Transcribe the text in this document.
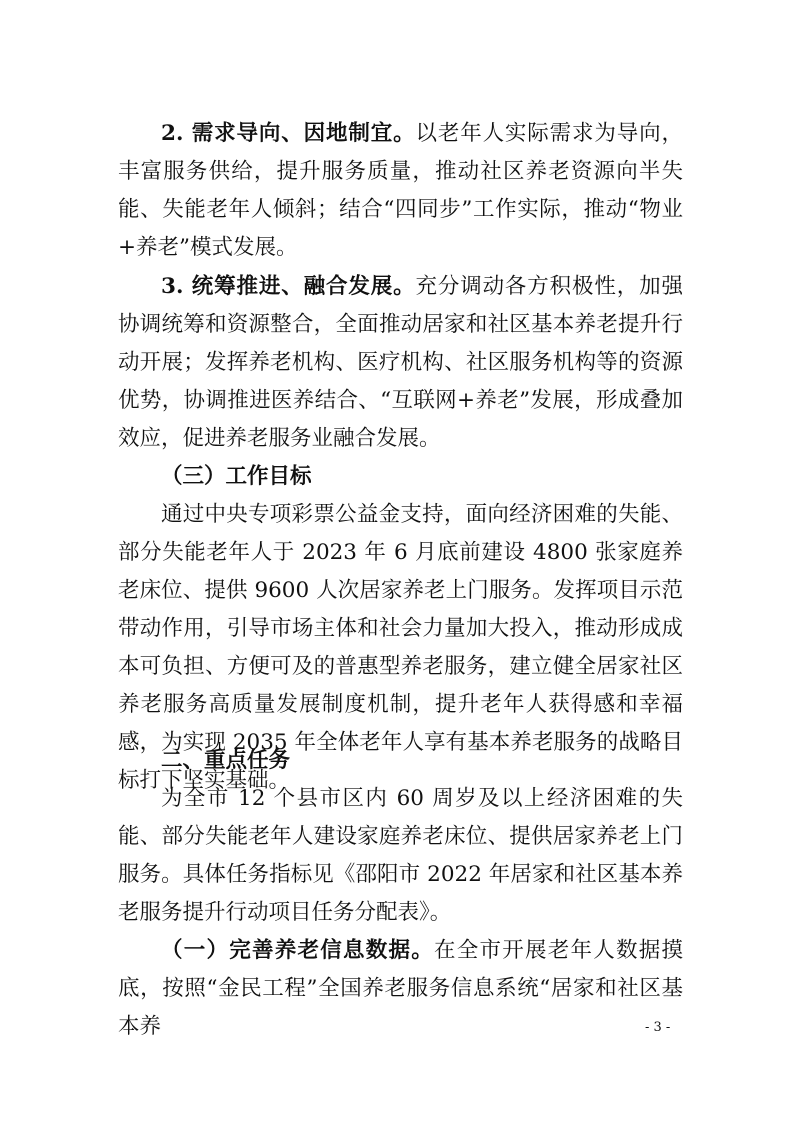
2. 需求导向、因地制宜。以老年人实际需求为导向，丰富服务供给，提升服务质量，推动社区养老资源向半失能、失能老年人倾斜；结合“四同步”工作实际，推动“物业+养老”模式发展。

3. 统筹推进、融合发展。充分调动各方积极性，加强协调统筹和资源整合，全面推动居家和社区基本养老提升行动开展；发挥养老机构、医疗机构、社区服务机构等的资源优势，协调推进医养结合、“互联网+养老”发展，形成叠加效应，促进养老服务业融合发展。

（三）工作目标

通过中央专项彩票公益金支持，面向经济困难的失能、部分失能老年人于 2023 年 6 月底前建设 4800 张家庭养老床位、提供 9600 人次居家养老上门服务。发挥项目示范带动作用，引导市场主体和社会力量加大投入，推动形成成本可负担、方便可及的普惠型养老服务，建立健全居家社区养老服务高质量发展制度机制，提升老年人获得感和幸福感，为实现 2035 年全体老年人享有基本养老服务的战略目标打下坚实基础。

二、重点任务

为全市 12 个县市区内 60 周岁及以上经济困难的失能、部分失能老年人建设家庭养老床位、提供居家养老上门服务。具体任务指标见《邵阳市 2022 年居家和社区基本养老服务提升行动项目任务分配表》。

（一）完善养老信息数据。在全市开展老年人数据摸底，按照“金民工程”全国养老服务信息系统“居家和社区基本养	- 3 -
